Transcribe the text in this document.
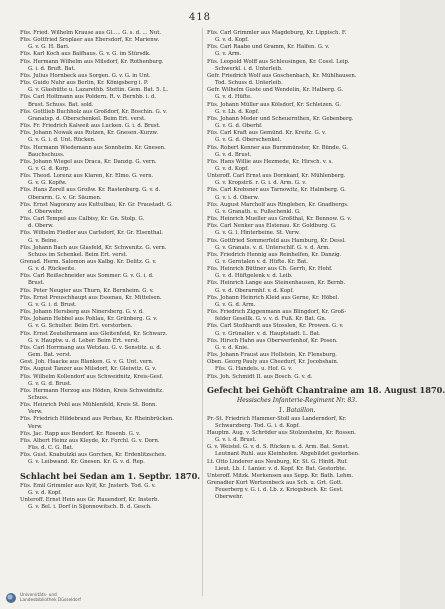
418
Füs. Fried. Wilhelm Krause aus Gl..... G. s. d. ... Nut.
Füs. Gottfried Sroplaer aus Ebersdorf, Kr. Marienw.
G. v. G. H. Bari.
Füs. Karl Koch aus Balfhaus. G. v. G. im Stürsdk.
Füs. Hermann Wilhelm aus Milsdorf, Kr. Rothenburg.
G. i. d. Bruft. Bat.
Füs. Julius Hornbeck aus Sorgen. G. v. G. in Unt.
Füs. Guido Nuhr aus Berlin, Kr. Königsberg i. P.
G. v. Glashütte u. Lazarethb. Stettin. Gem. Bat. 5. L.
Füs. Carl Holtmann aus Poldern. R. v. Bernhb. i. d.
Brust. Schuss. Bat. sold.
Füs. Gottlieb Buchholz aus Großdorf, Kr. Boschin. G. v.
Granatsp. d. Oberschenkel. Beim Ert. verst.
Füs. Fr. Friedrich Kalweit aus Lucken. G. i. d. Brust.
Füs. Johann Nowak aus Rutzen, Kr. Gnesen.-Kurzw.
G. v. G. i. d. Unt. Rücken.
Füs. Hermann Wiedemann aus Sonnheim. Kr. Gnesen.
Bauchschuss.
Füs. Johann Wiegel aus Draca, Kr. Danzig. G. vern.
G. v. G. d. Korp.
Füs. Theod. Lorenz aus Klaren, Kr. Elmo. G. vern.
G. v. G. Kopfw.
Füs. Hans Zorell aus Großw. Kr. Rastenburg. G. v. d.
Oberarm. G. v. Gr. Säumen.
Füs. Ernst Nagorany aus Kuttulbau, Kr. Gr. Fraustadt. G.
d. Oberwehr.
Füs. Carl Tempel aus Calbisy, Kr. Gn. Stolp. G.
d. Oberw.
Füs. Wilhelm Fiedler aus Carlsdorf, Kr. Gr. Elsenthal.
G. v. Beine.
Füs. Johann Bach aus Glasfeld, Kr. Schwenitz. G. vern.
Schuss im Schenkel. Beim Ert. verst.
Grenad. Herm. Salomon aus Kalbg. Kr. Delitz. G. v.
G. v. d. Rückseite.
Füs. Carl Reißschneider aus Sommer. G. v. G. i. d.
Brust.
Füs. Peter Neugier aus Thurn, Kr. Bernheim. G. v.
Füs. Ernst Preuschhaupt aus Essenau, Kr. Mittelsen.
G. v. G. i. d. Brust.
Füs. Johann Hersberg aus Ninersberg. G. v. d.
Füs. Johann Hebbel aus Pohlau, Kr. Grünberg. G. v.
G. v. G. Schulter. Beim Ert. verstorben.
Füs. Ernst Zeutelhrmann aus Gleitenfeld, Kr. Schwarz.
G. v. Hauptw. u. d. Leber. Beim Ert. verst.
Füs. Carl Horrmang aus Wetzlau. G. v. Senstitz. u. d.
Gem. Bat. verst.
Gest. Joh. Haacke aus Blanken. G. v. G. Unt. vern.
Füs. August Tanzer aus Milsdorf, Kr. Gleiwitz. G. v.
Füs. Wilhelm Kollendorf aus Schweidnitz, Kreis-Gesf.
G. v. G. d. Brust.
Füs. Hermann Herzog aus Höden, Kreis Schweidnitz.
Schuss.
Füs. Heinrich Pohl aus Mühlenfeld, Kreis St. Bonn.
Verw.
Füs. Friedrich Hildebrand aus Perbau, Kr. Rheinbrücken.
Verw.
Füs. Jac. Rapp aus Bendorf. Kr. Rosenb. G. v.
Füs. Albert Heinz aus Kleyde, Kr. Forchl. G. v. Dorn.
Füs. d. C. G. Bat.
Füs. Gust. Knabutzki aus Gorchen, Kr. Erdenlitzschen.
G. v. Leibwand. Kr. Gnesen. Kr. G. v. d. Rep.
Schlacht bei Sedan am 1. Septbr. 1870.
Füs. Emil Grimmler aus Kylf, Kr. Jnsterb. Tod. G. v.
G. v. d. Kopf.
Unteroff. Ernst Hein aus Gr. Rauendorf, Kr. Insterb.
G. v. Bel. i. Dorf in Sijonnowitsch. B. d. Gesch.
Füs. Carl Grimmler aus Magdeburg, Kr. Lippisch. F.
G. v. d. Kopf.
Füs. Carl Raabe und Gramm, Kr. Halfen. G. v.
G. v. Arm.
Füs. Leopold Wolff aus Schleusingen, Kr. Cossl. Leip.
Schwerkl. i. d. Unterleib.
Gefr. Friedrich Wolf aus Goschenbach, Kr. Mühlhausen.
Tod. Schuss d. Unterleib.
Gefr. Wilhelm Guste und Wendelin, Kr. Halberg. G.
G. v. d. Hüfte.
Füs. Johann Müller aus Kölsdorf, Kr. Schleizen. G.
G. v. Lb. d. Kopf.
Füs. Johann Meder und Scheuernthen, Kr. Gebenberg.
G. v. G. d. Oberhf.
Füs. Carl Kraft aus Gemünd. Kr. Kreitz. G. v.
G. v. G. d. Oberschenkel.
Füs. Robert Kenner aus Burmmünster, Kr. Bünde. G.
G. v. d. Brust.
Füs. Hans Willie aus Hezmede, Kr. Hirsch. v. s.
G. v. d. Kopf.
Unteroff. Carl Ernst aus Dornkanf, Kr. Mühlenberg.
G. v. Kropstrß. r. G. i. d. Arm. G. v.
Füs. Carl Krebsner aus Tarnowitz, Kr. Halmberg. G.
G. v. i. d. Oberw.
Füs. August Marcholf aus Ringleben, Kr. Gnadbergs.
G. v. Granath. u. Fußschenkl. G.
Füs. Heinrich Mueller aus Großthal, Kr. Bennow. G. v.
Füs. Carl Nenker aus Elstenau. Kr. Goldburg. G.
G. v. G. l. Hinterbeine. St. Verw.
Füs. Gottfried Sommerfeld aus Hamburg, Kr. Dessl.
G. v. Granats. v. d. Unterschlf. G. v. d. Arm.
Füs. Friedrich Hennig aus Reinhelfen, Kr. Danzig.
G. v. Gerntalen v. d. Hüfte. Kr. Bat.
Füs. Heinrich Büttner aus Ch. Gerrh, Kr. Hohf.
G. v. d. Hüftgelenk v. d. Leib.
Füs. Heinrich Lange aus Steinenhausen, Kr. Bernb.
G. v. d. Oberarmhf. v. d. Kopf.
Füs. Johann Heinrich Kleid aus Gerne, Kr. Höbel.
G. v. G. d. Arm.
Füs. Friedrich Ziggenmann aus Blingdorf, Kr. Groß-
felder Gesellk. G. v. v. d. Fuß. Kr. Bat. Gn.
Füs. Carl Stoßhardt aus Stosslen, Kr. Prowen. G. v.
G. v. Grünaller. v. d. Hauptstadt. L. Bat.
Füs. Hirsch Hahn aus Oberwerfenhof, Kr. Posen.
G. v. d. Knie.
Füs. Johann Fraust aus Hollstein, Kr. Flensburg.
Oben. Georg Pauly aus Cheedurf, Kr. Jocobshain.
Füs. G. Handels. u. Hof. G. v.
Füs. Joh. Schmidt II. aus Bosch. G. v. d.
Gefecht bei Gehöft Chantraine am 18. August 1870.
Hessisches Infanterie-Regiment Nr. 83.
1. Bataillon.
Pr.-St. Friedrich Hammer-Stoll aus Landerndorf, Kr.
Schwarzberg. Tod. G. i. d. Kopf.
Hauptm. Aug. v. Schröder aus Stolzenheim, Kr. Rossen.
G. v. i. d. Brust.
G. v. Weistel. G. v. d. S. Rücken u. d. Arm. Bat. Sonst.
Leutnant Ruhl. aus Kleinhofen. Abgebildet gestorben.
Lt. Otto Linderer aus Neuburg, Kr. St. G. Hinfd. Ruf.
Lieut. Lb. I. Lanier. v. d. Kopf. Kr. Bat. Gestorbte.
Unteroff. Mitzk. Merkensen aus Sepp. Kr. Bath. Lehm.
Grenadier Kurt Wertzenbeck aus Sch. u. Grt. Gott.
Feuerberg v. G. i. d. Lb. z. Kriegsbuch. Kr. Gest.
Oberwehr.
Universitäts- und
Landesbibliothek Düsseldorf
